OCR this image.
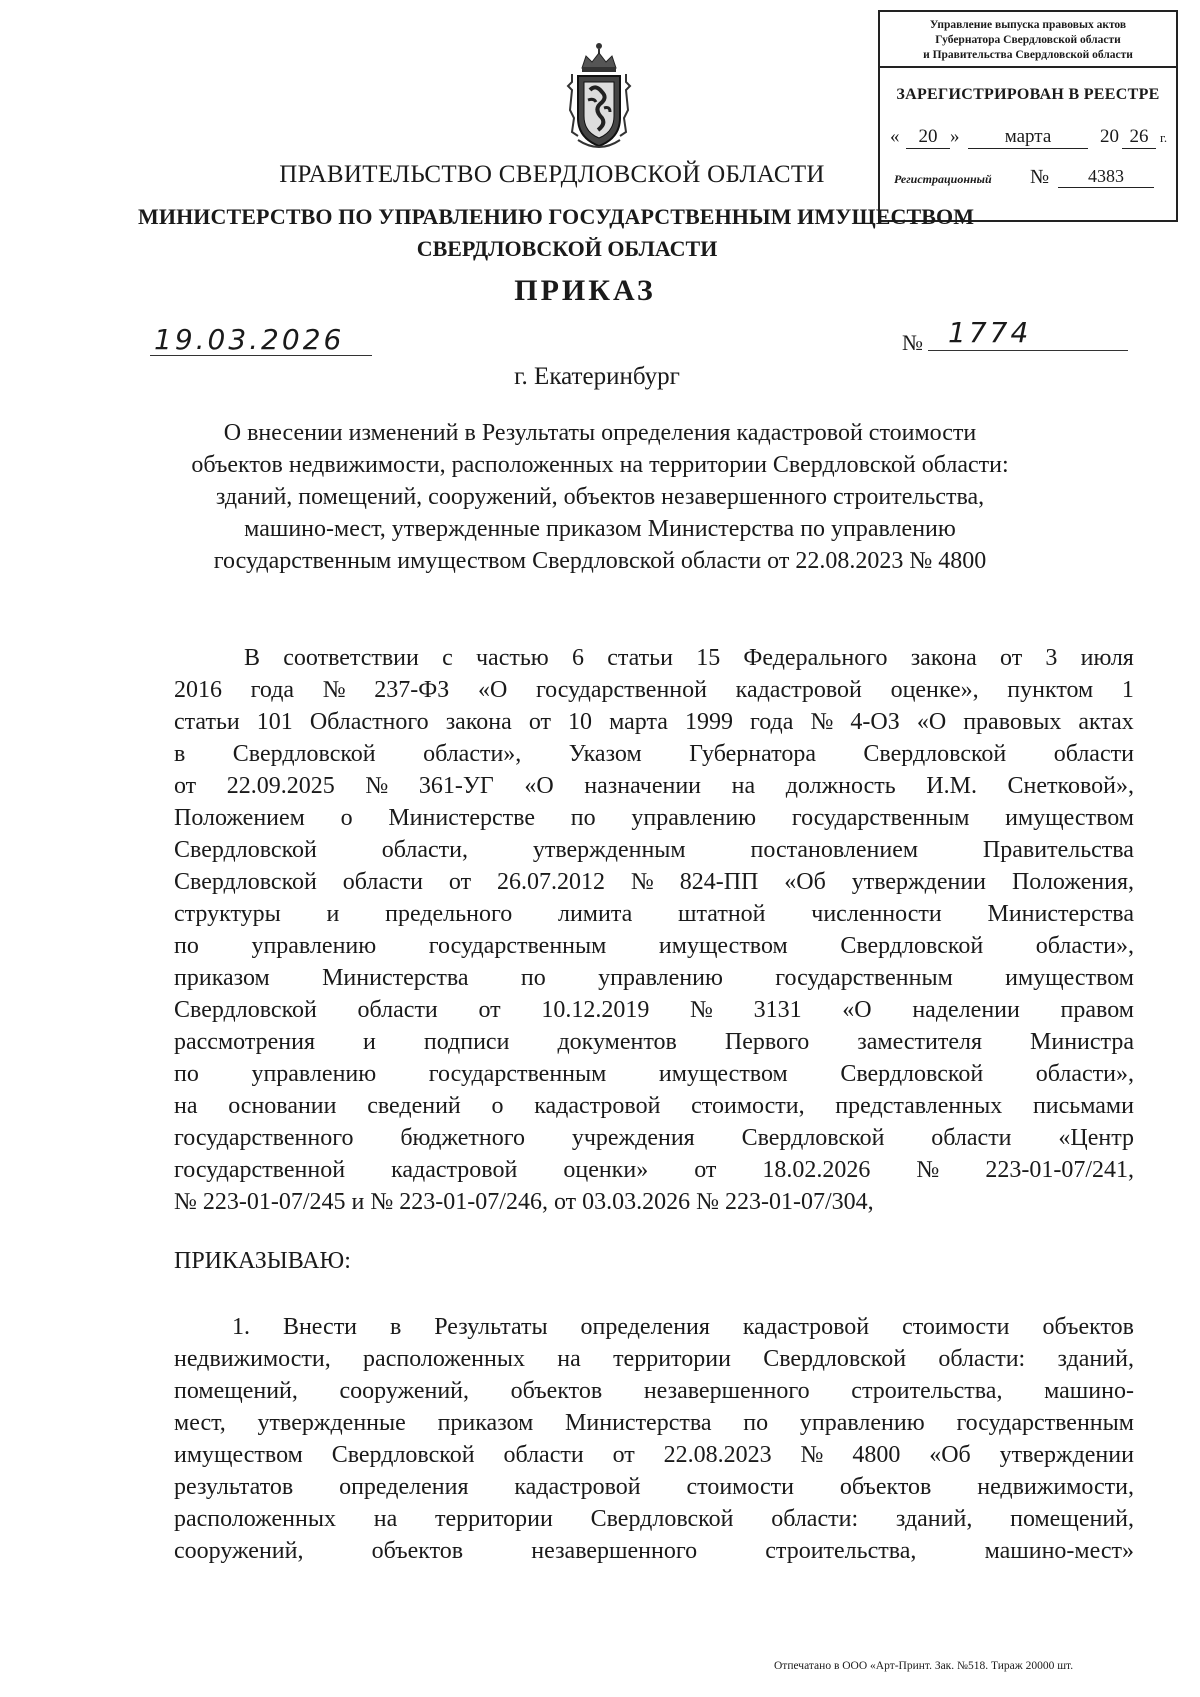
Управление выпуска правовых актов
Губернатора Свердловской области
и Правительства Свердловской области
ЗАРЕГИСТРИРОВАН В РЕЕСТРЕ
«	20 »	марта	20 26 г.
Регистрационный №	4383
ПРАВИТЕЛЬСТВО СВЕРДЛОВСКОЙ ОБЛАСТИ
МИНИСТЕРСТВО ПО УПРАВЛЕНИЮ ГОСУДАРСТВЕННЫМ ИМУЩЕСТВОМ
СВЕРДЛОВСКОЙ ОБЛАСТИ
ПРИКАЗ
19.03.2026	№ 1774
г. Екатеринбург
О внесении изменений в Результаты определения кадастровой стоимости
объектов недвижимости, расположенных на территории Свердловской области:
зданий, помещений, сооружений, объектов незавершенного строительства,
машино-мест, утвержденные приказом Министерства по управлению
государственным имуществом Свердловской области от 22.08.2023 № 4800
В соответствии с частью 6 статьи 15 Федерального закона от 3 июля
2016 года № 237-ФЗ «О государственной кадастровой оценке», пунктом 1
статьи 101 Областного закона от 10 марта 1999 года № 4-ОЗ «О правовых актах
в Свердловской области», Указом Губернатора Свердловской области
от 22.09.2025 № 361-УГ «О назначении на должность И.М. Снетковой»,
Положением о Министерстве по управлению государственным имуществом
Свердловской	области,	утвержденным	постановлением	Правительства
Свердловской области от 26.07.2012 № 824-ПП «Об утверждении Положения,
структуры и предельного лимита штатной численности Министерства
по управлению государственным имуществом Свердловской области»,
приказом Министерства по управлению государственным имуществом
Свердловской области от 10.12.2019 № 3131 «О наделении правом
рассмотрения и подписи документов Первого заместителя Министра
по управлению государственным имуществом Свердловской области»,
на основании сведений о кадастровой стоимости, представленных письмами
государственного бюджетного учреждения Свердловской области «Центр
государственной кадастровой оценки» от 18.02.2026 № 223-01-07/241,
№ 223-01-07/245 и № 223-01-07/246, от 03.03.2026 № 223-01-07/304,
ПРИКАЗЫВАЮ:
1. Внести в Результаты определения кадастровой стоимости объектов
недвижимости, расположенных на территории Свердловской области: зданий,
помещений, сооружений, объектов незавершенного строительства, машино-
мест, утвержденные приказом Министерства по управлению государственным
имуществом Свердловской области от 22.08.2023 № 4800 «Об утверждении
результатов определения кадастровой стоимости объектов недвижимости,
расположенных на территории Свердловской области: зданий, помещений,
сооружений,	объектов	незавершенного	строительства,	машино-мест»
Отпечатано в ООО «Арт-Принт. Зак. №518. Тираж 20000 шт.
